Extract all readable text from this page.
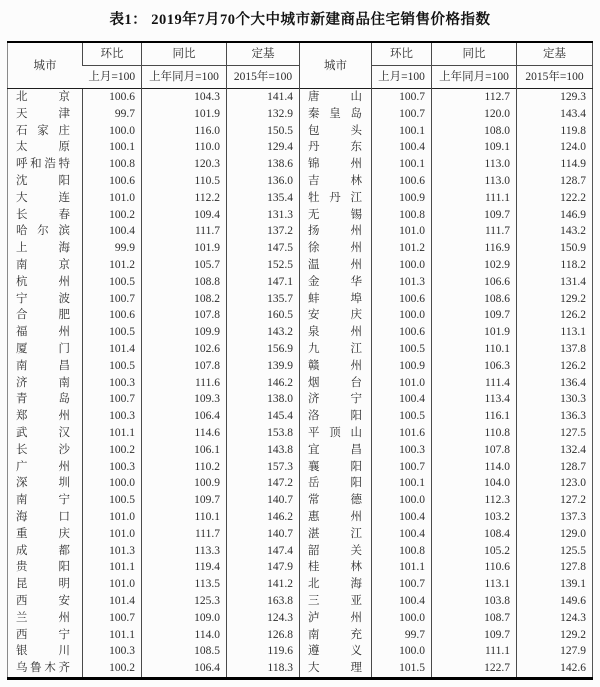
表1： 2019年7月70个大中城市新建商品住宅销售价格指数
城市	环比	同比	定基	城市	环比	同比	定基
	上月=100	上年同月=100	2015年=100		上月=100	上年同月=100	2015年=100
北京	100.6	104.3	141.4	唐山	100.7	112.7	129.3
天津	99.7	101.9	132.9	秦皇岛	100.7	120.0	143.4
石家庄	100.0	116.0	150.5	包头	100.1	108.0	119.8
太原	100.1	110.0	129.4	丹东	100.4	109.1	124.0
呼和浩特	100.8	120.3	138.6	锦州	100.1	113.0	114.9
沈阳	100.6	110.5	136.0	吉林	100.6	113.0	128.7
大连	101.0	112.2	135.4	牡丹江	100.9	111.1	122.2
长春	100.2	109.4	131.3	无锡	100.8	109.7	146.9
哈尔滨	100.4	111.7	137.2	扬州	101.0	111.7	143.2
上海	99.9	101.9	147.5	徐州	101.2	116.9	150.9
南京	101.2	105.7	152.5	温州	100.0	102.9	118.2
杭州	100.5	108.8	147.1	金华	101.3	106.6	131.4
宁波	100.7	108.2	135.7	蚌埠	100.6	108.6	129.2
合肥	100.6	107.8	160.5	安庆	100.0	109.7	126.2
福州	100.5	109.9	143.2	泉州	100.6	101.9	113.1
厦门	101.4	102.6	156.9	九江	100.5	110.1	137.8
南昌	100.5	107.8	139.9	赣州	100.9	106.3	126.2
济南	100.3	111.6	146.2	烟台	101.0	111.4	136.4
青岛	100.7	109.3	138.0	济宁	100.4	113.4	130.3
郑州	100.3	106.4	145.4	洛阳	100.5	116.1	136.3
武汉	101.1	114.6	153.8	平顶山	101.6	110.8	127.5
长沙	100.2	106.1	143.8	宜昌	100.3	107.8	132.4
广州	100.3	110.2	157.3	襄阳	100.7	114.0	128.7
深圳	100.0	100.9	147.2	岳阳	100.1	104.0	123.0
南宁	100.5	109.7	140.7	常德	100.0	112.3	127.2
海口	101.0	110.1	146.2	惠州	100.4	103.2	137.3
重庆	101.0	111.7	140.7	湛江	100.4	108.4	129.0
成都	101.3	113.3	147.4	韶关	100.8	105.2	125.5
贵阳	101.1	119.4	147.9	桂林	101.1	110.6	127.8
昆明	101.0	113.5	141.2	北海	100.7	113.1	139.1
西安	101.4	125.3	163.8	三亚	100.4	103.8	149.6
兰州	100.7	109.0	124.3	泸州	100.0	108.7	124.3
西宁	101.1	114.0	126.8	南充	99.7	109.7	129.2
银川	100.3	108.5	119.6	遵义	100.0	111.1	127.9
乌鲁木齐	100.2	106.4	118.3	大理	101.5	122.7	142.6
